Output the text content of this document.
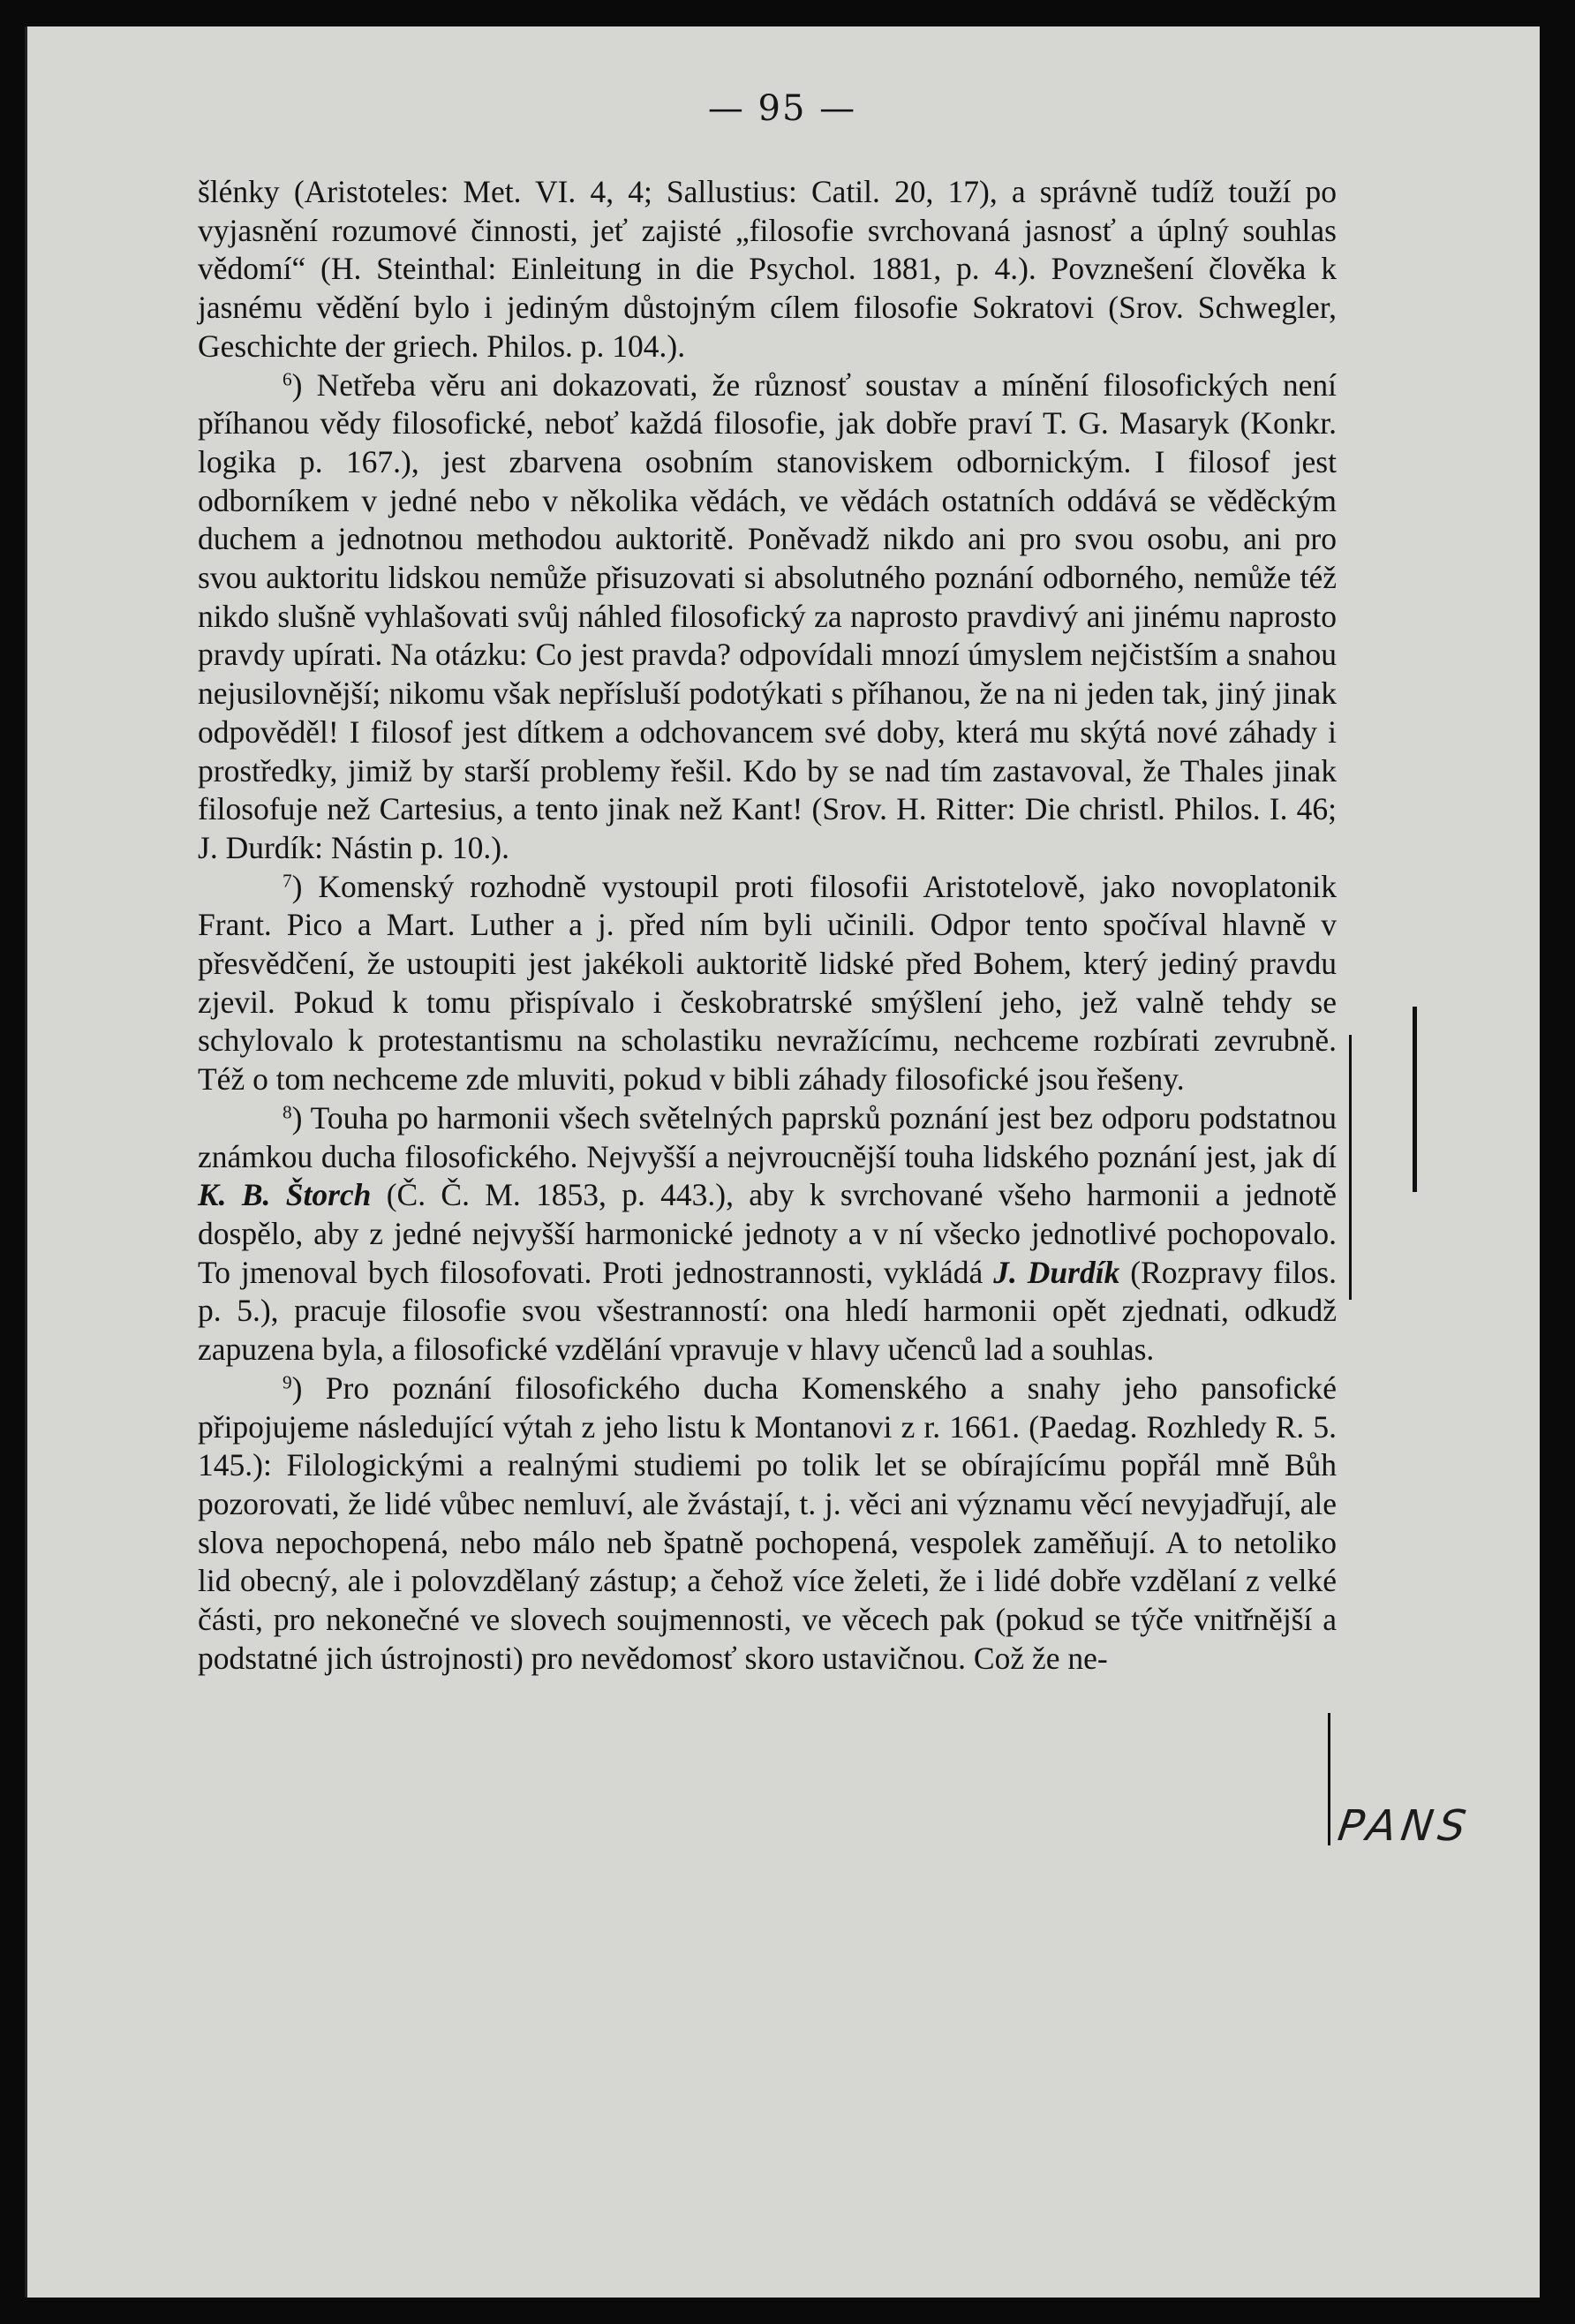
— 95 —

šlénky (Aristoteles: Met. VI. 4, 4; Sallustius: Catil. 20, 17), a správně tudíž touží po vyjasnění rozumové činnosti, jeť zajisté „filosofie svrchovaná jasnosť a úplný souhlas vědomí“ (H. Steinthal: Einleitung in die Psychol. 1881, p. 4.). Povznešení člověka k jasnému vědění bylo i jediným důstojným cílem filosofie Sokratovi (Srov. Schwegler, Geschichte der griech. Philos. p. 104.).

$^6$) Netřeba věru ani dokazovati, že různosť soustav a mínění filosofických není příhanou vědy filosofické, neboť každá filosofie, jak dobře praví T. G. Masaryk (Konkr. logika p. 167.), jest zbarvena osobním stanoviskem odbornickým. I filosof jest odborníkem v jedné nebo v několika vědách, ve vědách ostatních oddává se věděckým duchem a jednotnou methodou auktoritě. Poněvadž nikdo ani pro svou osobu, ani pro svou auktoritu lidskou nemůže přisuzovati si absolutného poznání odborného, nemůže též nikdo slušně vyhlašovati svůj náhled filosofický za naprosto pravdivý ani jinému naprosto pravdy upírati. Na otázku: Co jest pravda? odpovídali mnozí úmyslem nejčistším a snahou nejusilovnější; nikomu však nepřísluší podotýkati s příhanou, že na ni jeden tak, jiný jinak odpověděl! I filosof jest dítkem a odchovancem své doby, která mu skýtá nové záhady i prostředky, jimiž by starší problemy řešil. Kdo by se nad tím zastavoval, že Thales jinak filosofuje než Cartesius, a tento jinak než Kant! (Srov. H. Ritter: Die christl. Philos. I. 46; J. Durdík: Nástin p. 10.).

$^7$) Komenský rozhodně vystoupil proti filosofii Aristotelově, jako novoplatonik Frant. Pico a Mart. Luther a j. před ním byli učinili. Odpor tento spočíval hlavně v přesvědčení, že ustoupiti jest jakékoli auktoritě lidské před Bohem, který jediný pravdu zjevil. Pokud k tomu přispívalo i českobratrské smýšlení jeho, jež valně tehdy se schylovalo k protestantismu na scholastiku nevražícímu, nechceme rozbírati zevrubně. Též o tom nechceme zde mluviti, pokud v bibli záhady filosofické jsou řešeny.

$^8$) Touha po harmonii všech světelných paprsků poznání jest bez odporu podstatnou známkou ducha filosofického. Nejvyšší a nejvroucnější touha lidského poznání jest, jak dí K. B. Štorch (Č. Č. M. 1853, p. 443.), aby k svrchované všeho harmonii a jednotě dospělo, aby z jedné nejvyšší harmonické jednoty a v ní všecko jednotlivé pochopovalo. To jmenoval bych filosofovati. Proti jednostrannosti, vykládá J. Durdík (Rozpravy filos. p. 5.), pracuje filosofie svou všestranností: ona hledí harmonii opět zjednati, odkudž zapuzena byla, a filosofické vzdělání vpravuje v hlavy učenců lad a souhlas.

$^9$) Pro poznání filosofického ducha Komenského a snahy jeho pansofické připojujeme následující výtah z jeho listu k Montanovi z r. 1661. (Paedag. Rozhledy R. 5. 145.): Filologickými a realnými studiemi po tolik let se obírajícímu popřál mně Bůh pozorovati, že lidé vůbec nemluví, ale žvástají, t. j. věci ani významu věcí nevyjadřují, ale slova nepochopená, nebo málo neb špatně pochopená, vespolek zaměňují. A to netoliko lid obecný, ale i polovzdělaný zástup; a čehož více želeti, že i lidé dobře vzdělaní z velké části, pro nekonečné ve slovech soujmennosti, ve věcech pak (pokud se týče vnitřnější a podstatné jich ústrojnosti) pro nevědomosť skoro ustavičnou. Což že ne-

PANS
